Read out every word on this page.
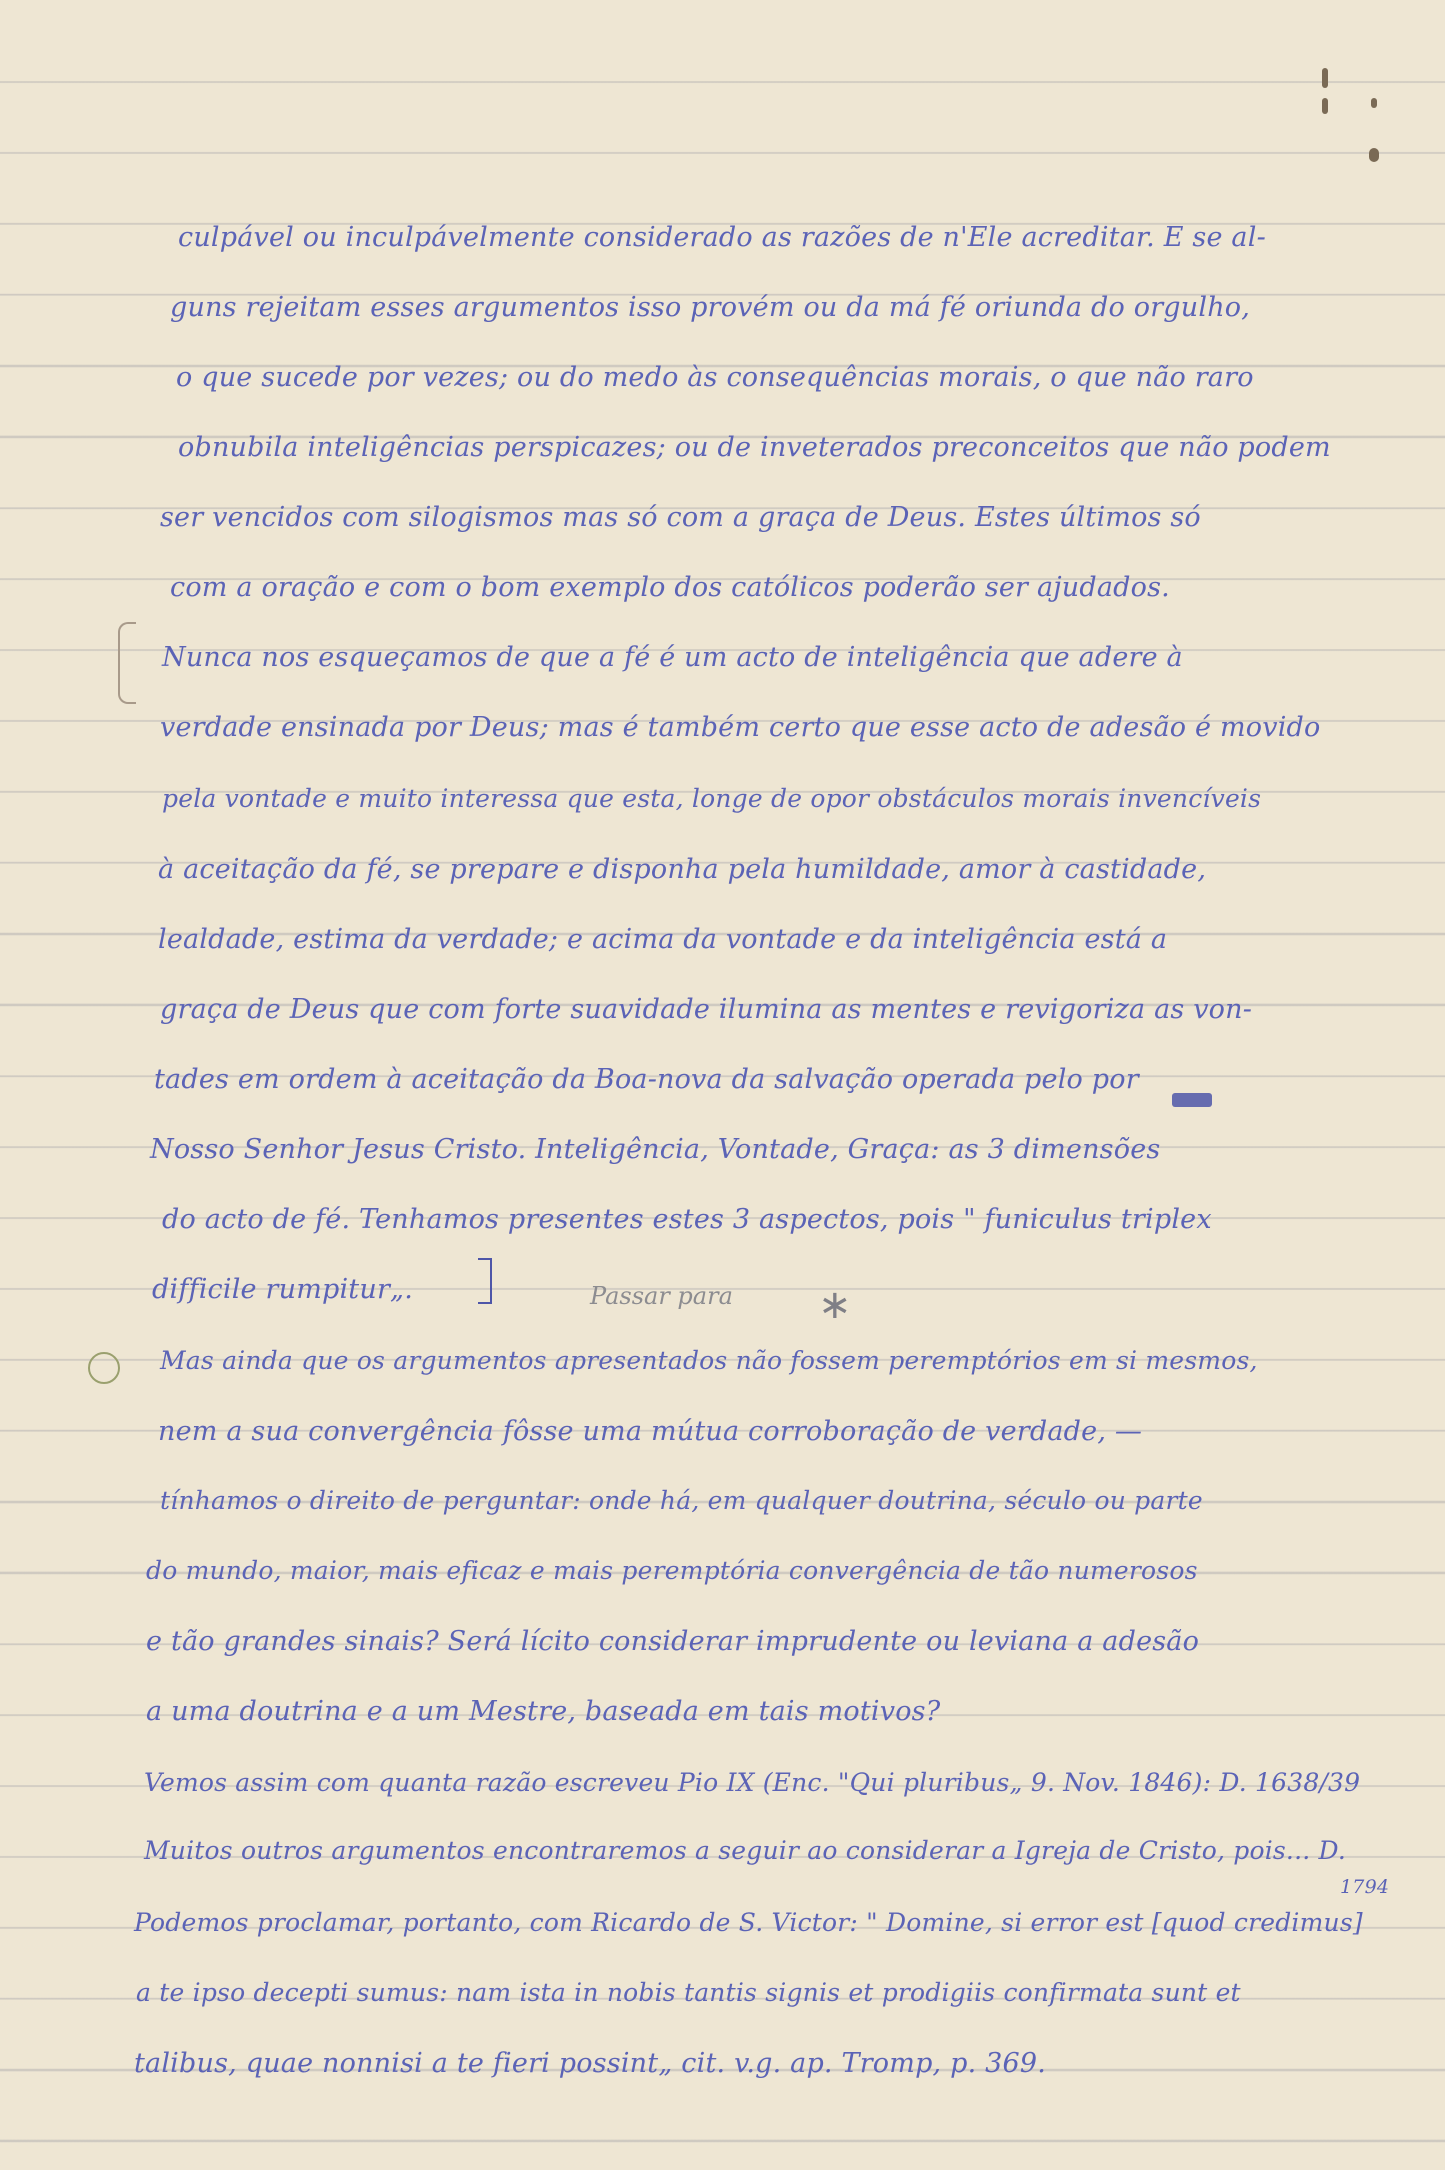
culpável ou inculpávelmente considerado as razões de n'Ele acreditar. E se al-
guns rejeitam esses argumentos isso provém ou da má fé oriunda do orgulho,
o que sucede por vezes; ou do medo às consequências morais, o que não raro
obnubila inteligências perspicazes; ou de inveterados preconceitos que não podem
ser vencidos com silogismos mas só com a graça de Deus. Estes últimos só
com a oração e com o bom exemplo dos católicos poderão ser ajudados.
Nunca nos esqueçamos de que a fé é um acto de inteligência que adere à
verdade ensinada por Deus; mas é também certo que esse acto de adesão é movido
pela vontade e muito interessa que esta, longe de opor obstáculos morais invencíveis
à aceitação da fé, se prepare e disponha pela humildade, amor à castidade,
lealdade, estima da verdade; e acima da vontade e da inteligência está a
graça de Deus que com forte suavidade ilumina as mentes e revigoriza as von-
tades em ordem à aceitação da Boa-nova da salvação operada pelo por
Nosso Senhor Jesus Cristo. Inteligência, Vontade, Graça: as 3 dimensões
do acto de fé. Tenhamos presentes estes 3 aspectos, pois " funiculus triplex
difficile rumpitur„.	Passar para ∗
Mas ainda que os argumentos apresentados não fossem peremptórios em si mesmos,
nem a sua convergência fôsse uma mútua corroboração de verdade, —
tínhamos o direito de perguntar: onde há, em qualquer doutrina, século ou parte
do mundo, maior, mais eficaz e mais peremptória convergência de tão numerosos
e tão grandes sinais? Será lícito considerar imprudente ou leviana a adesão
a uma doutrina e a um Mestre, baseada em tais motivos?
Vemos assim com quanta razão escreveu Pio IX (Enc. "Qui pluribus„ 9. Nov. 1846): D. 1638/39
Muitos outros argumentos encontraremos a seguir ao considerar a Igreja de Cristo, pois... D.
1794
Podemos proclamar, portanto, com Ricardo de S. Victor: " Domine, si error est [quod credimus]
a te ipso decepti sumus: nam ista in nobis tantis signis et prodigiis confirmata sunt et
talibus, quae nonnisi a te fieri possint„ cit. v.g. ap. Tromp, p. 369.
